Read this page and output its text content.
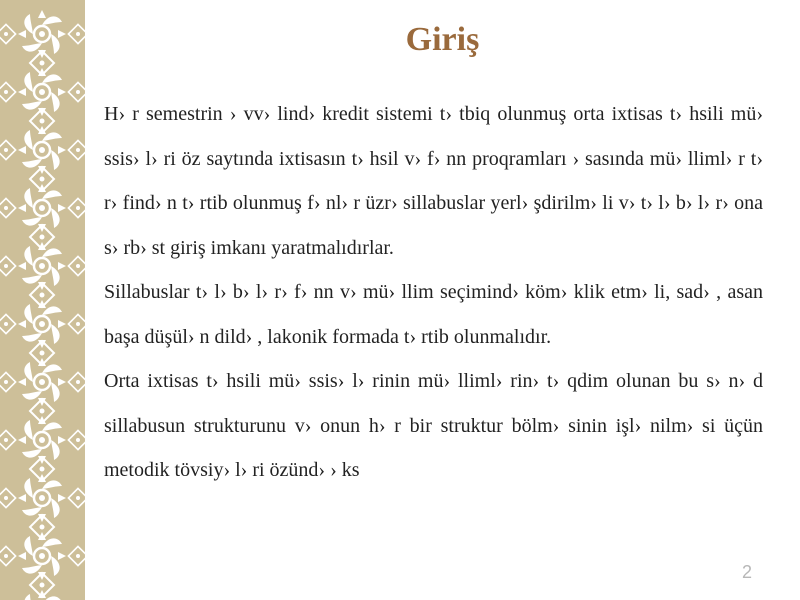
Giriş

H› r semestrin › vv› lind› kredit sistemi t› tbiq olunmuş orta ixtisas t› hsili mü› ssis› l› ri öz saytında ixtisasın t› hsil v› f› nn proqramları › sasında mü› lliml› r t› r› find› n t› rtib olunmuş f› nl› r üzr› sillabuslar yerl› şdirilm› li v› t› l› b› l› r› ona s› rb› st giriş imkanı yaratmalıdırlar.

Sillabuslar t› l› b› l› r› f› nn v› mü› llim seçimind› köm› klik etm› li, sad› , asan başa düşül› n dild› , lakonik formada t› rtib olunmalıdır.

Orta ixtisas t› hsili mü› ssis› l› rinin mü› lliml› rin› t› qdim olunan bu s› n› d sillabusun strukturunu v› onun h› r bir struktur bölm› sinin işl› nilm› si üçün metodik tövsiy› l› ri özünd› › ks

2
